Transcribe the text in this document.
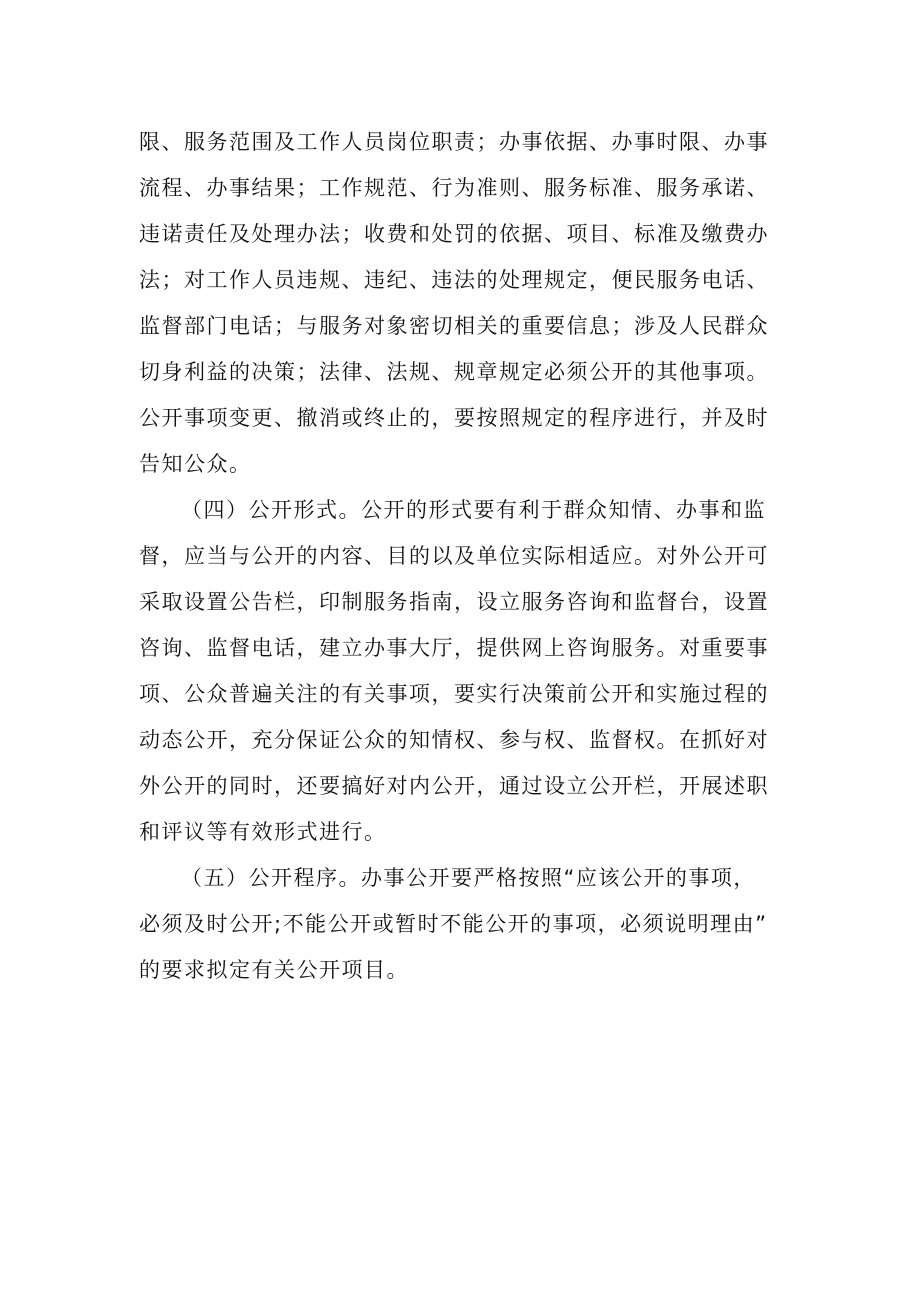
限、服务范围及工作人员岗位职责；办事依据、办事时限、办事
流程、办事结果；工作规范、行为准则、服务标准、服务承诺、
违诺责任及处理办法；收费和处罚的依据、项目、标准及缴费办
法；对工作人员违规、违纪、违法的处理规定，便民服务电话、
监督部门电话；与服务对象密切相关的重要信息；涉及人民群众
切身利益的决策；法律、法规、规章规定必须公开的其他事项。
公开事项变更、撤消或终止的，要按照规定的程序进行，并及时
告知公众。

（四）公开形式。公开的形式要有利于群众知情、办事和监
督，应当与公开的内容、目的以及单位实际相适应。对外公开可
采取设置公告栏，印制服务指南，设立服务咨询和监督台，设置
咨询、监督电话，建立办事大厅，提供网上咨询服务。对重要事
项、公众普遍关注的有关事项，要实行决策前公开和实施过程的
动态公开，充分保证公众的知情权、参与权、监督权。在抓好对
外公开的同时，还要搞好对内公开，通过设立公开栏，开展述职
和评议等有效形式进行。

（五）公开程序。办事公开要严格按照“应该公开的事项，
必须及时公开;不能公开或暂时不能公开的事项，必须说明理由”
的要求拟定有关公开项目。
